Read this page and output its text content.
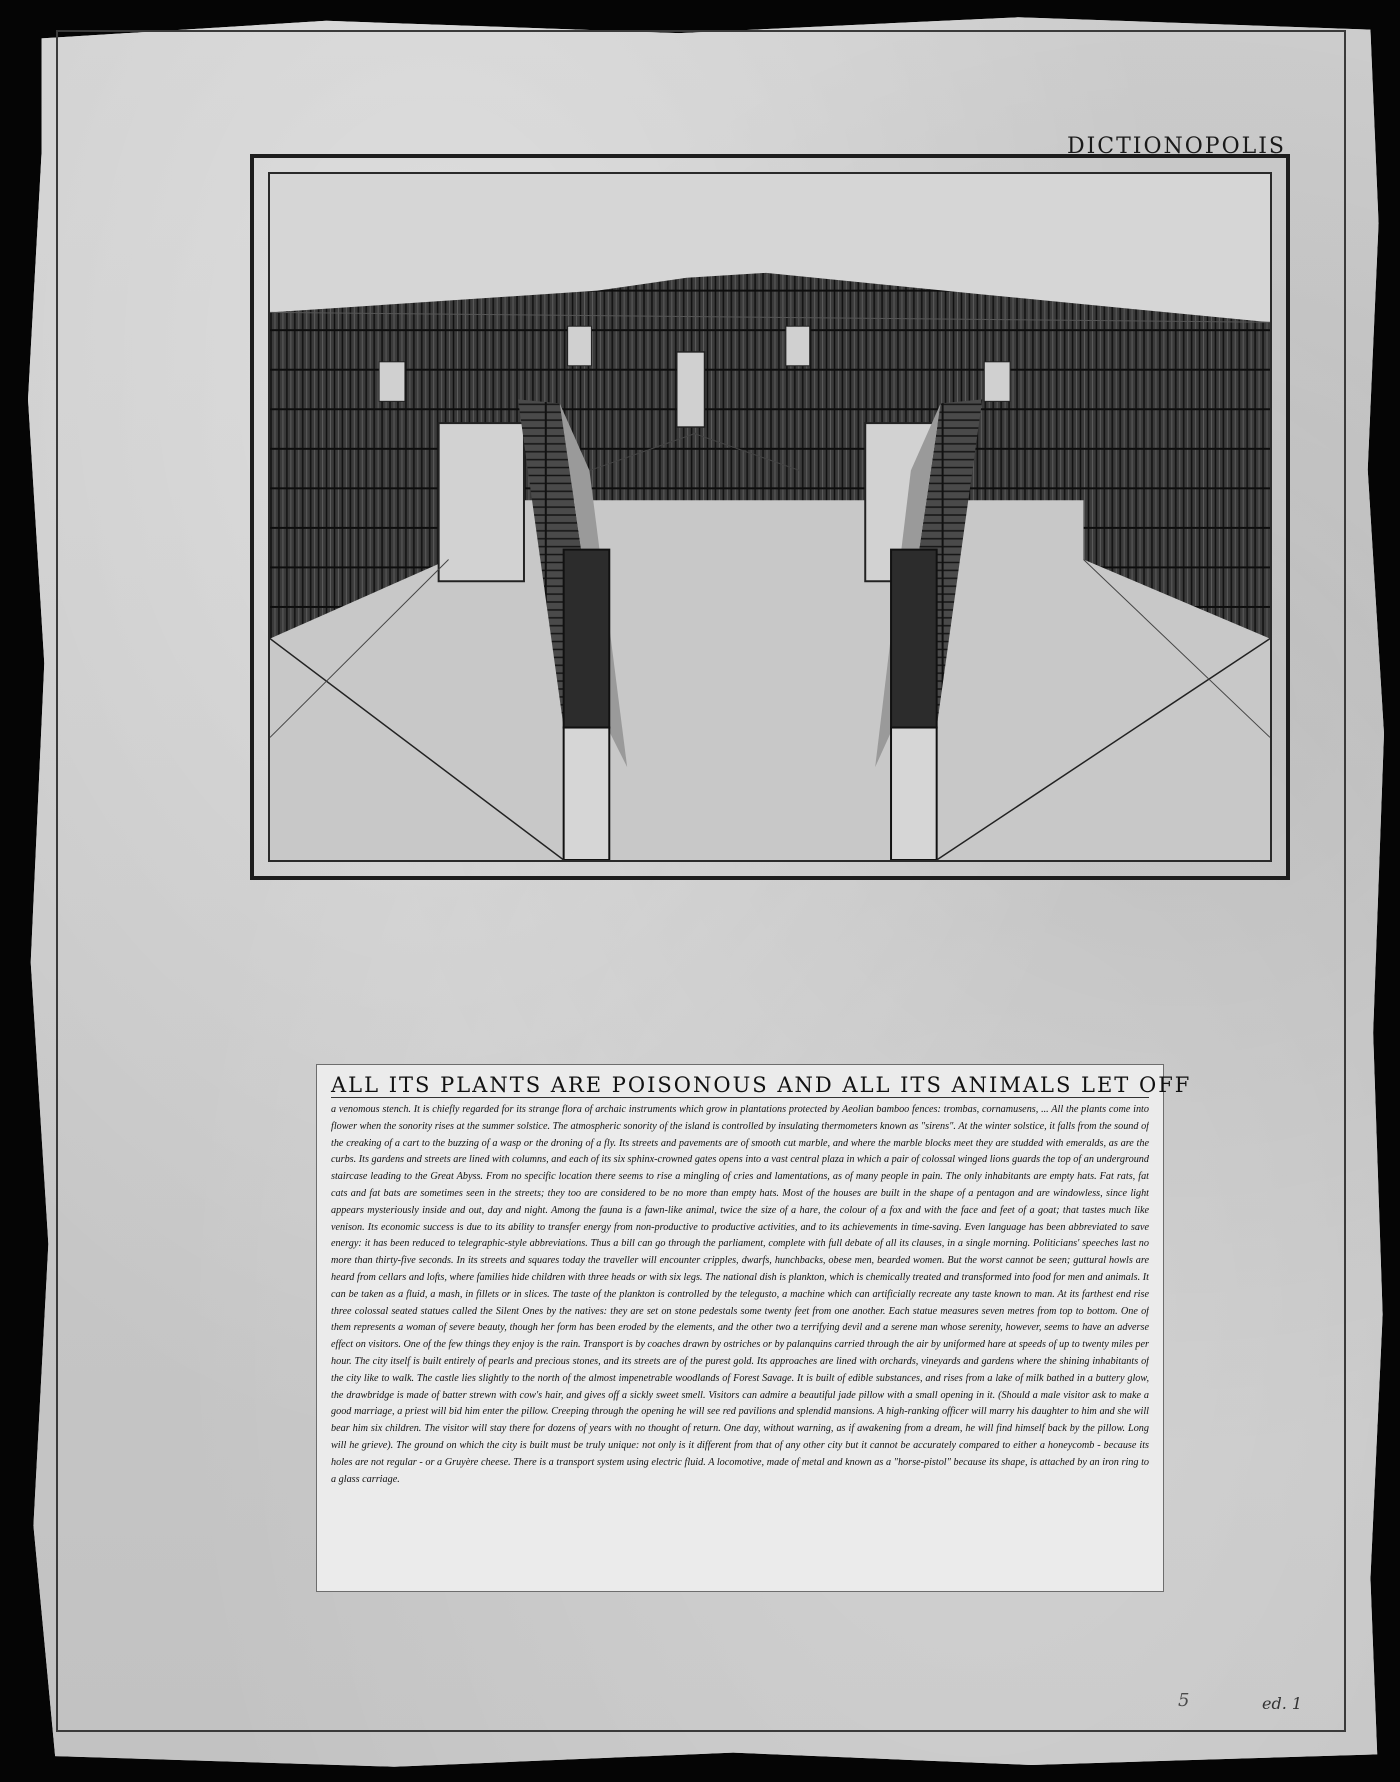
DICTIONOPOLIS
ALL ITS PLANTS ARE POISONOUS AND ALL ITS ANIMALS LET OFF
a venomous stench. It is chiefly regarded for its strange flora of archaic instruments which grow in plantations protected by Aeolian bamboo fences: trombas, cornamusens, ... All the plants come into flower when the sonority rises at the summer solstice. The atmospheric sonority of the island is controlled by insulating thermometers known as "sirens". At the winter solstice, it falls from the sound of the creaking of a cart to the buzzing of a wasp or the droning of a fly. Its streets and pavements are of smooth cut marble, and where the marble blocks meet they are studded with emeralds, as are the curbs. Its gardens and streets are lined with columns, and each of its six sphinx-crowned gates opens into a vast central plaza in which a pair of colossal winged lions guards the top of an underground staircase leading to the Great Abyss. From no specific location there seems to rise a mingling of cries and lamentations, as of many people in pain. The only inhabitants are empty hats. Fat rats, fat cats and fat bats are sometimes seen in the streets; they too are considered to be no more than empty hats. Most of the houses are built in the shape of a pentagon and are windowless, since light appears mysteriously inside and out, day and night. Among the fauna is a fawn-like animal, twice the size of a hare, the colour of a fox and with the face and feet of a goat; that tastes much like venison. Its economic success is due to its ability to transfer energy from non-productive to productive activities, and to its achievements in time-saving. Even language has been abbreviated to save energy: it has been reduced to telegraphic-style abbreviations. Thus a bill can go through the parliament, complete with full debate of all its clauses, in a single morning. Politicians' speeches last no more than thirty-five seconds. In its streets and squares today the traveller will encounter cripples, dwarfs, hunchbacks, obese men, bearded women. But the worst cannot be seen; guttural howls are heard from cellars and lofts, where families hide children with three heads or with six legs. The national dish is plankton, which is chemically treated and transformed into food for men and animals. It can be taken as a fluid, a mash, in fillets or in slices. The taste of the plankton is controlled by the telegusto, a machine which can artificially recreate any taste known to man. At its farthest end rise three colossal seated statues called the Silent Ones by the natives: they are set on stone pedestals some twenty feet from one another. Each statue measures seven metres from top to bottom. One of them represents a woman of severe beauty, though her form has been eroded by the elements, and the other two a terrifying devil and a serene man whose serenity, however, seems to have an adverse effect on visitors. One of the few things they enjoy is the rain. Transport is by coaches drawn by ostriches or by palanquins carried through the air by uniformed hare at speeds of up to twenty miles per hour. The city itself is built entirely of pearls and precious stones, and its streets are of the purest gold. Its approaches are lined with orchards, vineyards and gardens where the shining inhabitants of the city like to walk. The castle lies slightly to the north of the almost impenetrable woodlands of Forest Savage. It is built of edible substances, and rises from a lake of milk bathed in a buttery glow, the drawbridge is made of batter strewn with cow's hair, and gives off a sickly sweet smell. Visitors can admire a beautiful jade pillow with a small opening in it. (Should a male visitor ask to make a good marriage, a priest will bid him enter the pillow. Creeping through the opening he will see red pavilions and splendid mansions. A high-ranking officer will marry his daughter to him and she will bear him six children. The visitor will stay there for dozens of years with no thought of return. One day, without warning, as if awakening from a dream, he will find himself back by the pillow. Long will he grieve). The ground on which the city is built must be truly unique: not only is it different from that of any other city but it cannot be accurately compared to either a honeycomb - because its holes are not regular - or a Gruyère cheese. There is a transport system using electric fluid. A locomotive, made of metal and known as a "horse-pistol" because its shape, is attached by an iron ring to a glass carriage.
5	ed. 1
